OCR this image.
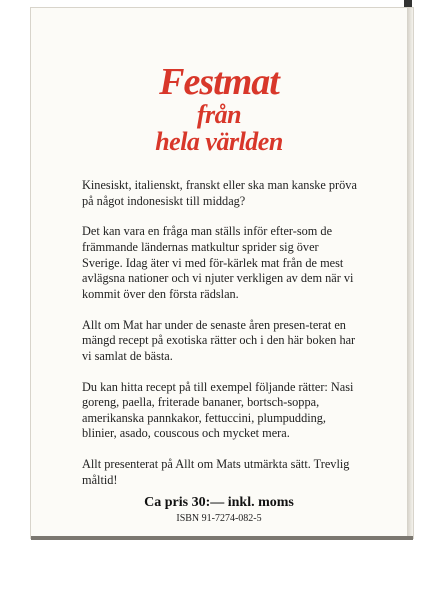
Festmat
från
hela världen

Kinesiskt, italienskt, franskt eller ska man kanske pröva på något indonesiskt till middag?

Det kan vara en fråga man ställs inför efter-som de främmande ländernas matkultur sprider sig över Sverige. Idag äter vi med för-kärlek mat från de mest avlägsna nationer och vi njuter verkligen av dem när vi kommit över den första rädslan.

Allt om Mat har under de senaste åren presen-terat en mängd recept på exotiska rätter och i den här boken har vi samlat de bästa.

Du kan hitta recept på till exempel följande rätter: Nasi goreng, paella, friterade bananer, bortsch-soppa, amerikanska pannkakor, fettuccini, plumpudding, blinier, asado, couscous och mycket mera.

Allt presenterat på Allt om Mats utmärkta sätt. Trevlig måltid!

Ca pris 30:— inkl. moms
ISBN 91-7274-082-5
